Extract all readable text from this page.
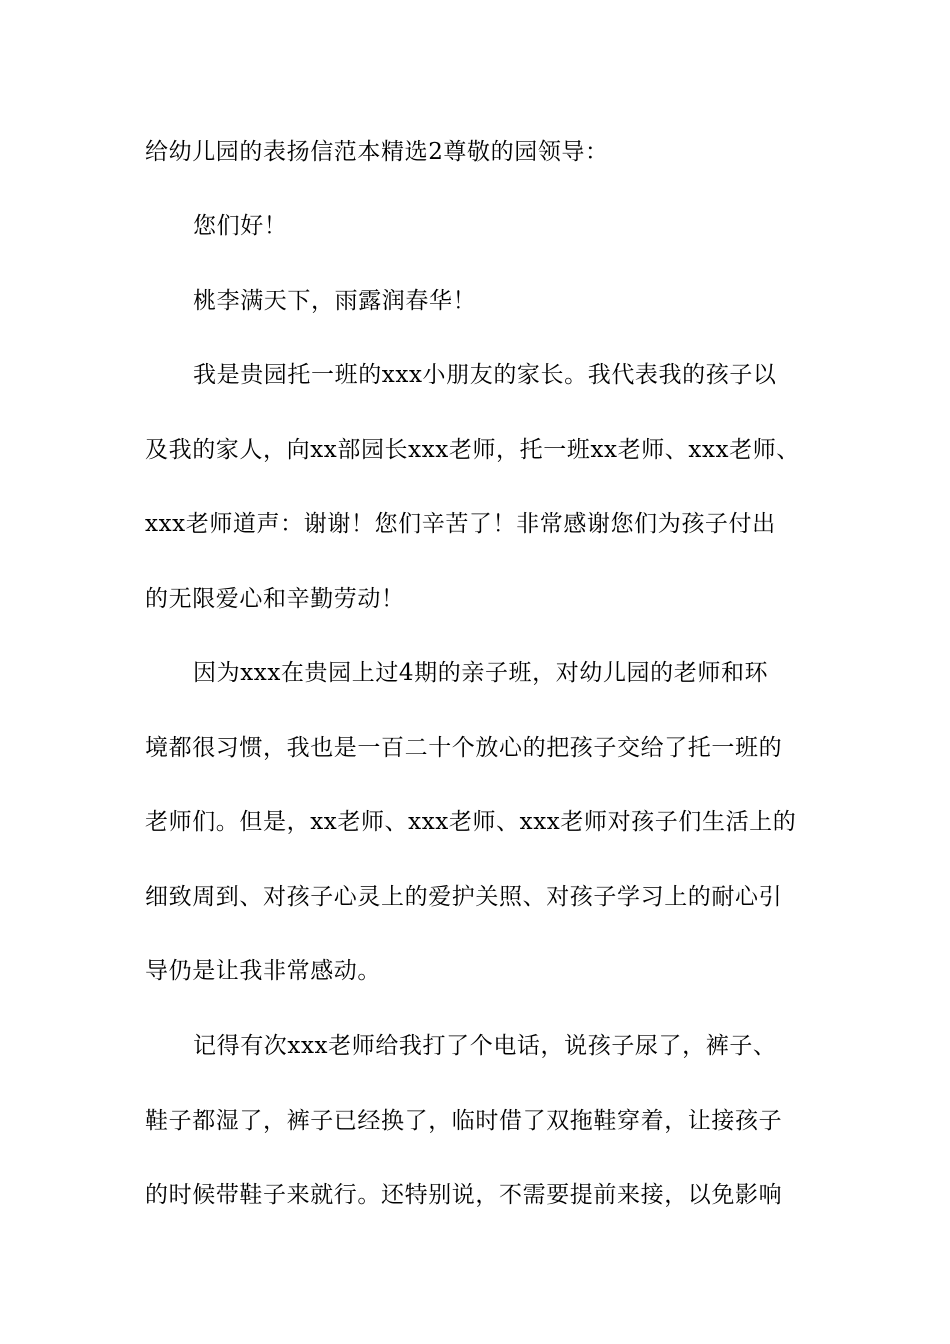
给幼儿园的表扬信范本精选2尊敬的园领导：
您们好！
桃李满天下，雨露润春华！
我是贵园托一班的xxx小朋友的家长。我代表我的孩子以
及我的家人，向xx部园长xxx老师，托一班xx老师、xxx老师、
xxx老师道声：谢谢！您们辛苦了！非常感谢您们为孩子付出
的无限爱心和辛勤劳动！
因为xxx在贵园上过4期的亲子班，对幼儿园的老师和环
境都很习惯，我也是一百二十个放心的把孩子交给了托一班的
老师们。但是，xx老师、xxx老师、xxx老师对孩子们生活上的
细致周到、对孩子心灵上的爱护关照、对孩子学习上的耐心引
导仍是让我非常感动。
记得有次xxx老师给我打了个电话，说孩子尿了，裤子、
鞋子都湿了，裤子已经换了，临时借了双拖鞋穿着，让接孩子
的时候带鞋子来就行。还特别说，不需要提前来接，以免影响
